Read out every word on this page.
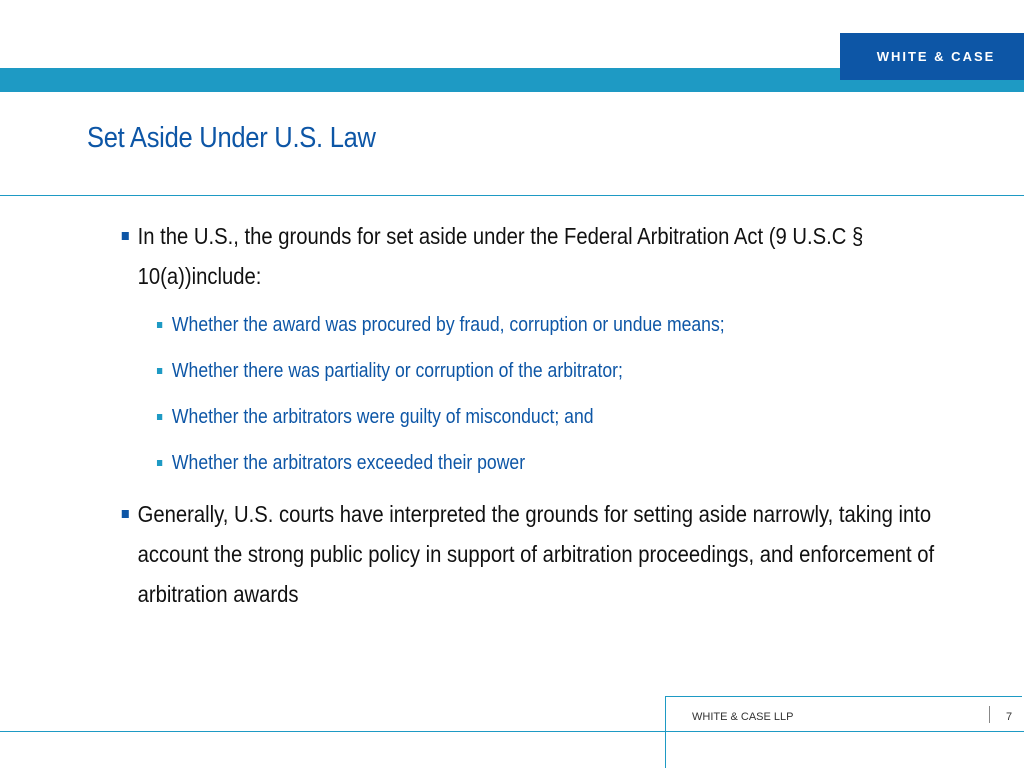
WHITE & CASE
Set Aside Under U.S. Law
In the U.S., the grounds for set aside under the Federal Arbitration Act (9 U.S.C § 10(a))include:
Whether the award was procured by fraud, corruption or undue means;
Whether there was partiality or corruption of the arbitrator;
Whether the arbitrators were guilty of misconduct; and
Whether the arbitrators exceeded their power
Generally, U.S. courts have interpreted the grounds for setting aside narrowly, taking into account the strong public policy in support of arbitration proceedings, and enforcement of arbitration awards
WHITE & CASE LLP	7
